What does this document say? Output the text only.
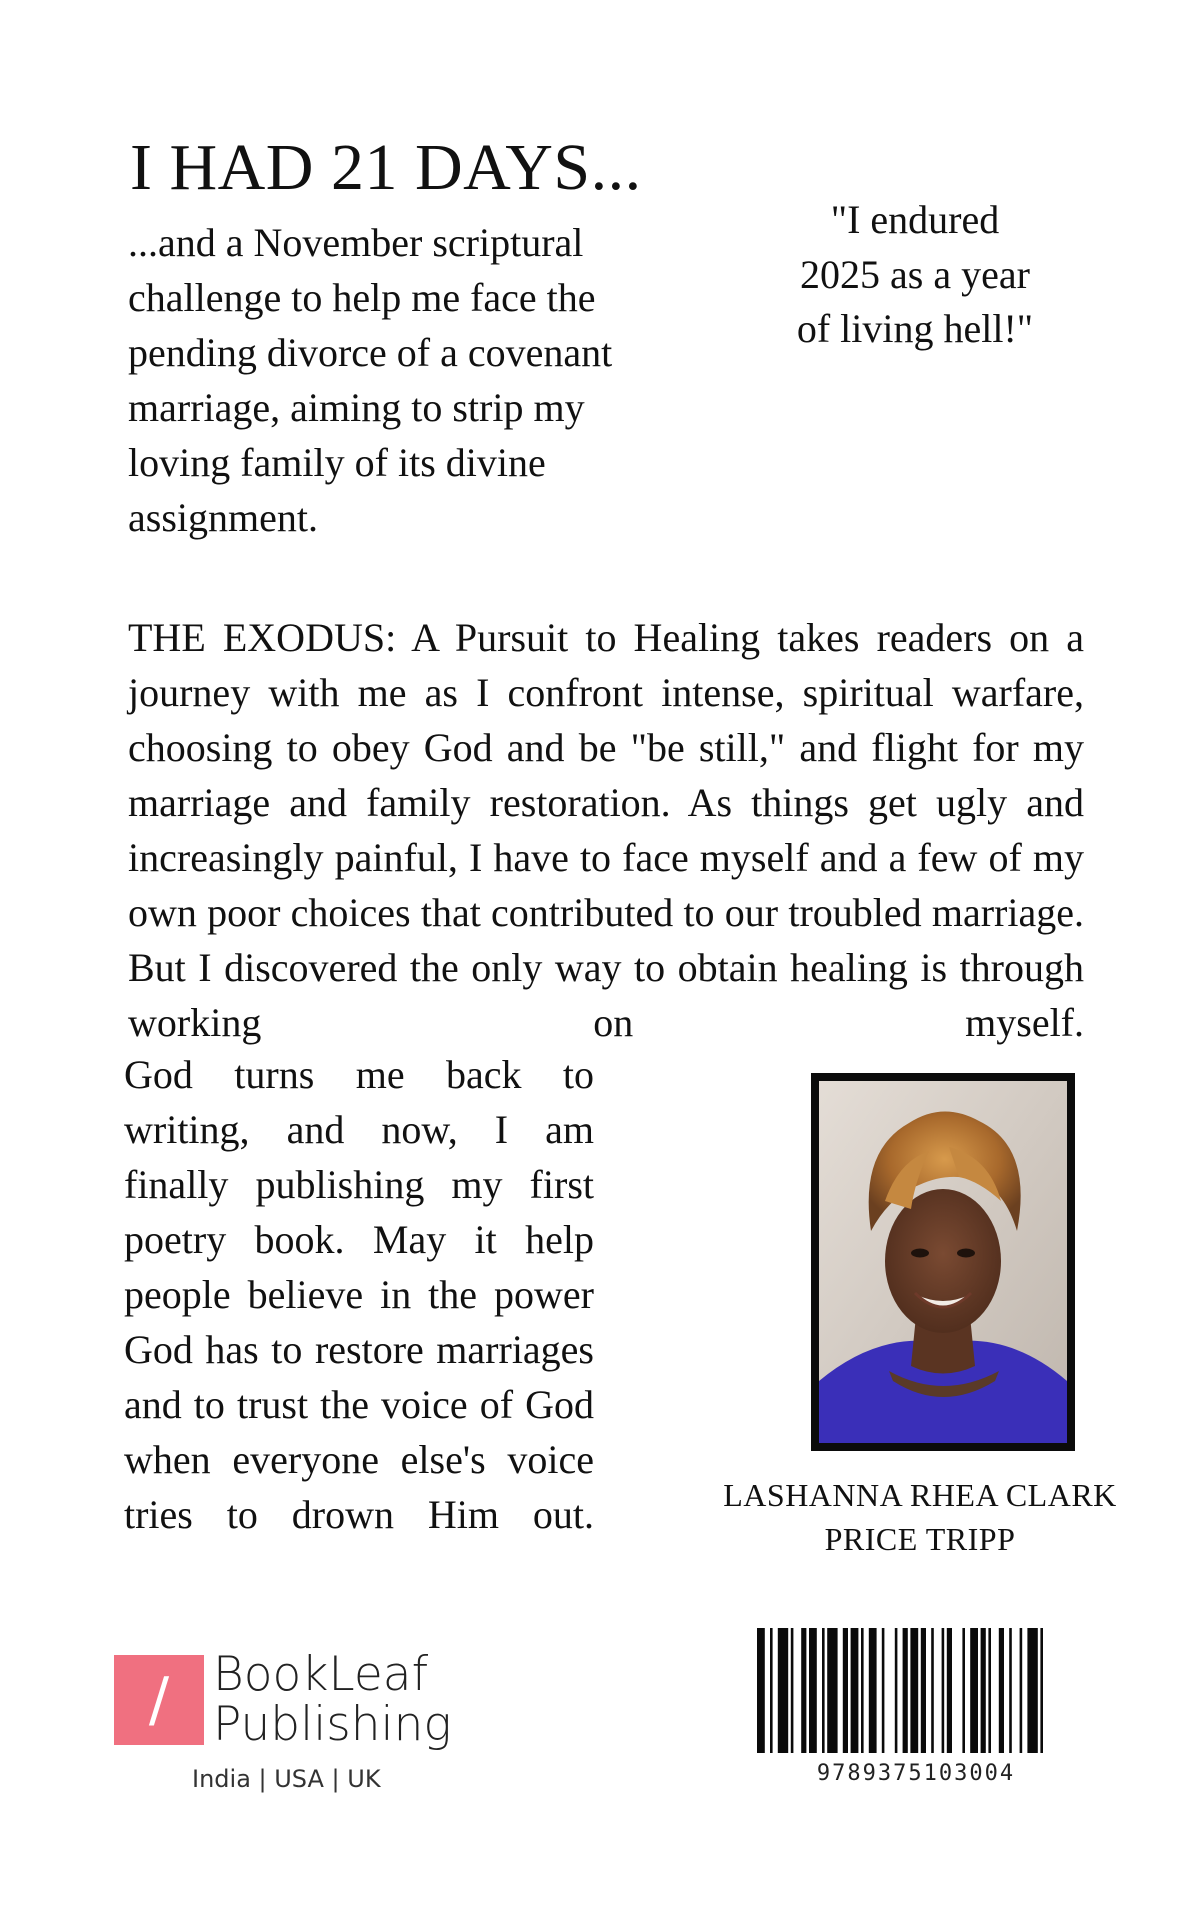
I HAD 21 DAYS...
...and a November scriptural challenge to help me face the pending divorce of a covenant marriage, aiming to strip my loving family of its divine assignment.
"I endured 2025 as a year of living hell!"
THE EXODUS: A Pursuit to Healing takes readers on a journey with me as I confront intense, spiritual warfare, choosing to obey God and be "be still," and flight for my marriage and family restoration. As things get ugly and increasingly painful, I have to face myself and a few of my own poor choices that contributed to our troubled marriage. But I discovered the only way to obtain healing is through working on myself.
God turns me back to writing, and now, I am finally publishing my first poetry book. May it help people believe in the power God has to restore marriages and to trust the voice of God when everyone else's voice tries to drown Him out.	LASHANNA RHEA CLARK
PRICE TRIPP
/ BookLeaf
Publishing
India | USA | UK	9789375103004
